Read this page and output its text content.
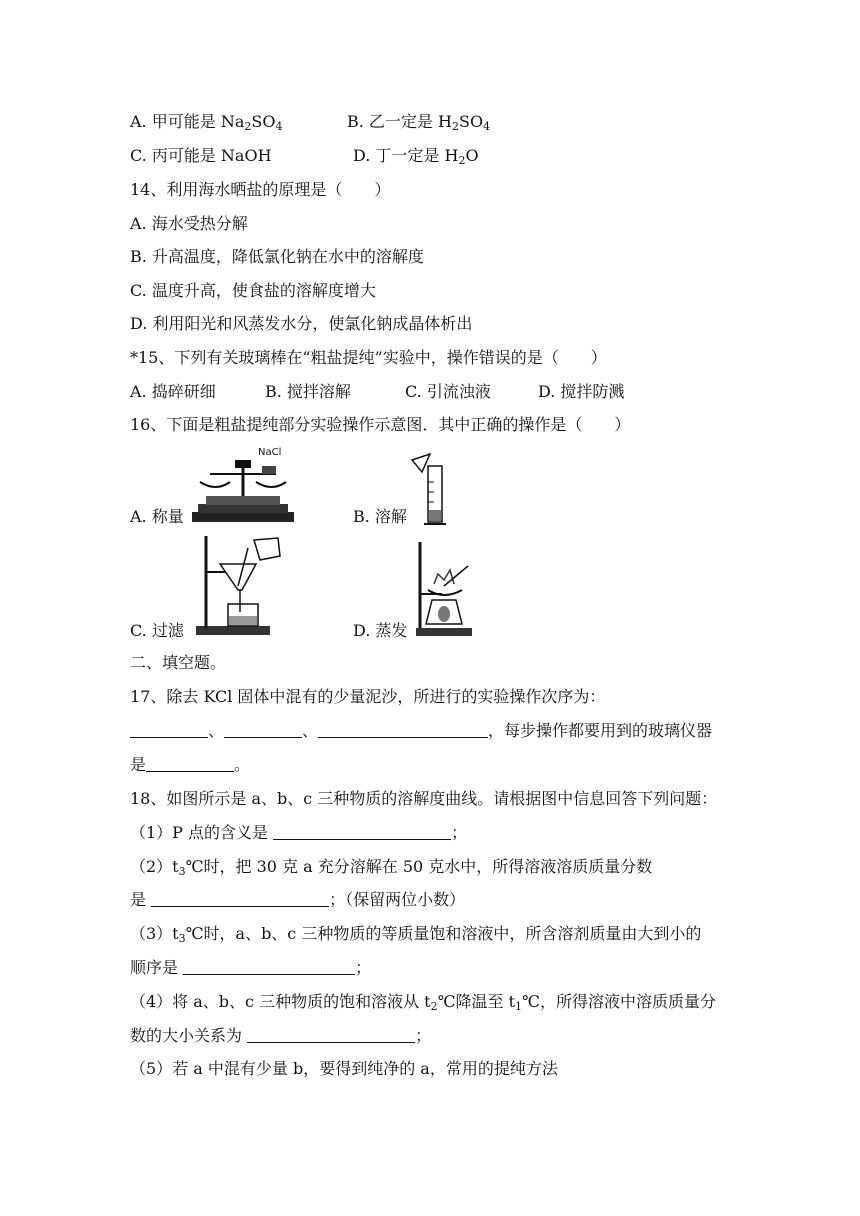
A. 甲可能是 $Na_2SO_4$	B. 乙一定是 $H_2SO_4$
C. 丙可能是 NaOH	D. 丁一定是 $H_2O$
14、利用海水晒盐的原理是（　　）
A. 海水受热分解
B. 升高温度，降低氯化钠在水中的溶解度
C. 温度升高，使食盐的溶解度增大
D. 利用阳光和风蒸发水分，使氯化钠成晶体析出
*15、下列有关玻璃棒在“粗盐提纯”实验中，操作错误的是（　　）
A. 捣碎研细	B. 搅拌溶解	C. 引流浊液	D. 搅拌防溅
16、下面是粗盐提纯部分实验操作示意图．其中正确的操作是（　　）
NaCl
A. 称量	B. 溶解
C. 过滤	D. 蒸发
二、填空题。
17、除去 KCl 固体中混有的少量泥沙，所进行的实验操作次序为：
、	、	，每步操作都要用到的玻璃仪器
是	。
18、如图所示是 a、b、c 三种物质的溶解度曲线。请根据图中信息回答下列问题：
（1）P 点的含义是	；
$(2)t_3℃$时，把 30 克 a 充分溶解在 50 克水中，所得溶液溶质质量分数
是	；（保留两位小数）
$(3)t_3℃$时，a、b、c 三种物质的等质量饱和溶液中，所含溶剂质量由大到小的
顺序是	；
（4）将 a、b、c 三种物质的饱和溶液从 $t_2℃$降温至 $t_1℃$，所得溶液中溶质质量分
数的大小关系为	；
（5）若 a 中混有少量 b，要得到纯净的 a，常用的提纯方法
